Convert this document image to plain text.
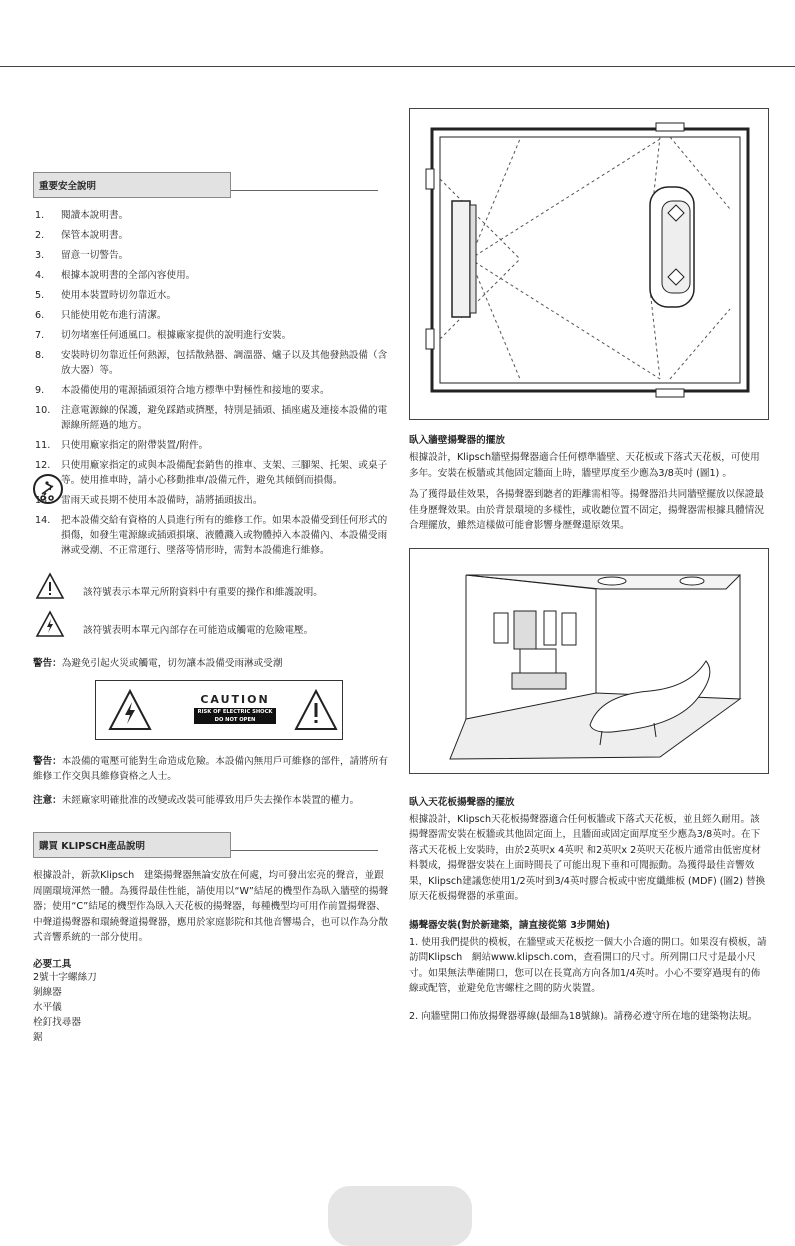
重要安全說明
1. 閱讀本說明書。
2. 保管本說明書。
3. 留意一切警告。
4. 根據本說明書的全部內容使用。
5. 使用本裝置時切勿靠近水。
6. 只能使用乾布進行清潔。
7. 切勿堵塞任何通風口。根據廠家提供的說明進行安裝。
8. 安裝時切勿靠近任何熱源，包括散熱器、調溫器、爐子以及其他發熱設備（含放大器）等。
9. 本設備使用的電源插頭須符合地方標準中對極性和接地的要求。
10. 注意電源線的保護，避免踩踏或擠壓，特別是插頭、插座處及連接本設備的電源線所經過的地方。
11. 只使用廠家指定的附帶裝置/附件。
12. 只使用廠家指定的或與本設備配套銷售的推車、支架、三腳架、托架、或桌子等。使用推車時，請小心移動推車/設備元件，避免其傾倒而損傷。
13. 雷雨天或長期不使用本設備時，請將插頭拔出。
14. 把本設備交給有資格的人員進行所有的維修工作。如果本設備受到任何形式的損傷，如發生電源線或插頭損壞、液體濺入或物體掉入本設備內、本設備受雨淋或受潮、不正常運行、墜落等情形時，需對本設備進行維修。
該符號表示本單元所附資料中有重要的操作和維護說明。
該符號表明本單元內部存在可能造成觸電的危險電壓。

警告：為避免引起火災或觸電，切勿讓本設備受雨淋或受潮

CAUTION
RISK OF ELECTRIC SHOCK
DO NOT OPEN

警告：本設備的電壓可能對生命造成危險。本設備內無用戶可維修的部件，請將所有維修工作交與具維修資格之人士。

注意：未經廠家明確批准的改變或改裝可能導致用戶失去操作本裝置的權力。

購買 KLIPSCH產品說明

根據設計，新款Klipsch　建築揚聲器無論安放在何處，均可發出宏亮的聲音，並跟周圍環境渾然一體。為獲得最佳性能，請使用以“W”結尾的機型作為臥入牆壁的揚聲器；使用“C”結尾的機型作為臥入天花板的揚聲器，每種機型均可用作前置揚聲器、中聲道揚聲器和環繞聲道揚聲器，應用於家庭影院和其他音響場合，也可以作為分散式音響系統的一部分使用。

必要工具
2號十字螺絲刀
剝線器
水平儀
栓釘找尋器
鋸
臥入牆壁揚聲器的擺放

根據設計，Klipsch牆壁揚聲器適合任何標準牆壁、天花板或下落式天花板，可使用多年。安裝在板牆或其他固定牆面上時，牆壁厚度至少應為3/8英吋 (圖1) 。

為了獲得最佳效果，各揚聲器到聽者的距離需相等。揚聲器沿共同牆壁擺放以保證最佳身歷聲效果。由於背景環境的多樣性，或收聽位置不固定，揚聲器需根據具體情況合理擺放，雖然這樣做可能會影響身歷聲還原效果。

臥入天花板揚聲器的擺放

根據設計，Klipsch天花板揚聲器適合任何板牆或下落式天花板，並且經久耐用。該揚聲器需安裝在板牆或其他固定面上，且牆面或固定面厚度至少應為3/8英吋。在下落式天花板上安裝時，由於2英呎x 4英呎 和2英呎x 2英呎天花板片通常由低密度材料製成，揚聲器安裝在上面時間長了可能出現下垂和可聞振動。為獲得最佳音響效果，Klipsch建議您使用1/2英吋到3/4英吋膠合板或中密度纖維板 (MDF) (圖2) 替換原天花板揚聲器的承重面。

揚聲器安裝(對於新建築，請直接從第 3步開始)

1. 使用我們提供的模板，在牆壁或天花板挖一個大小合適的開口。如果沒有模板，請訪問Klipsch　網站www.klipsch.com，查看開口的尺寸。所列開口尺寸是最小尺寸。如果無法準確開口，您可以在長寬高方向各加1/4英吋。小心不要穿過現有的佈線或配管，並避免危害螺柱之間的防火裝置。

2. 向牆壁開口佈放揚聲器導線(最細為18號線)。請務必遵守所在地的建築物法規。
